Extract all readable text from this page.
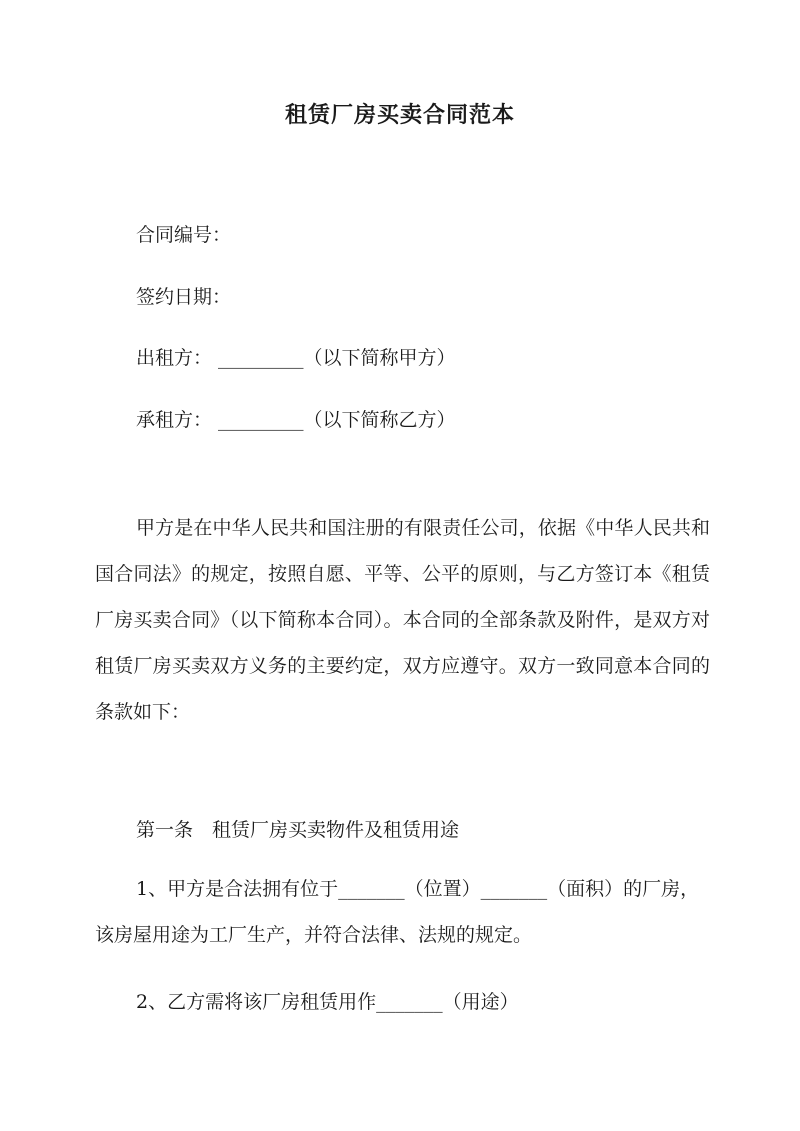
租赁厂房买卖合同范本
合同编号：
签约日期：
出租方： _________（以下简称甲方）
承租方： _________（以下简称乙方）
甲方是在中华人民共和国注册的有限责任公司，依据《中华人民共和国合同法》的规定，按照自愿、平等、公平的原则，与乙方签订本《租赁厂房买卖合同》（以下简称本合同）。本合同的全部条款及附件，是双方对租赁厂房买卖双方义务的主要约定，双方应遵守。双方一致同意本合同的条款如下：
第一条　租赁厂房买卖物件及租赁用途
1、甲方是合法拥有位于_______（位置）_______（面积）的厂房，该房屋用途为工厂生产，并符合法律、法规的规定。
2、乙方需将该厂房租赁用作_______（用途）
